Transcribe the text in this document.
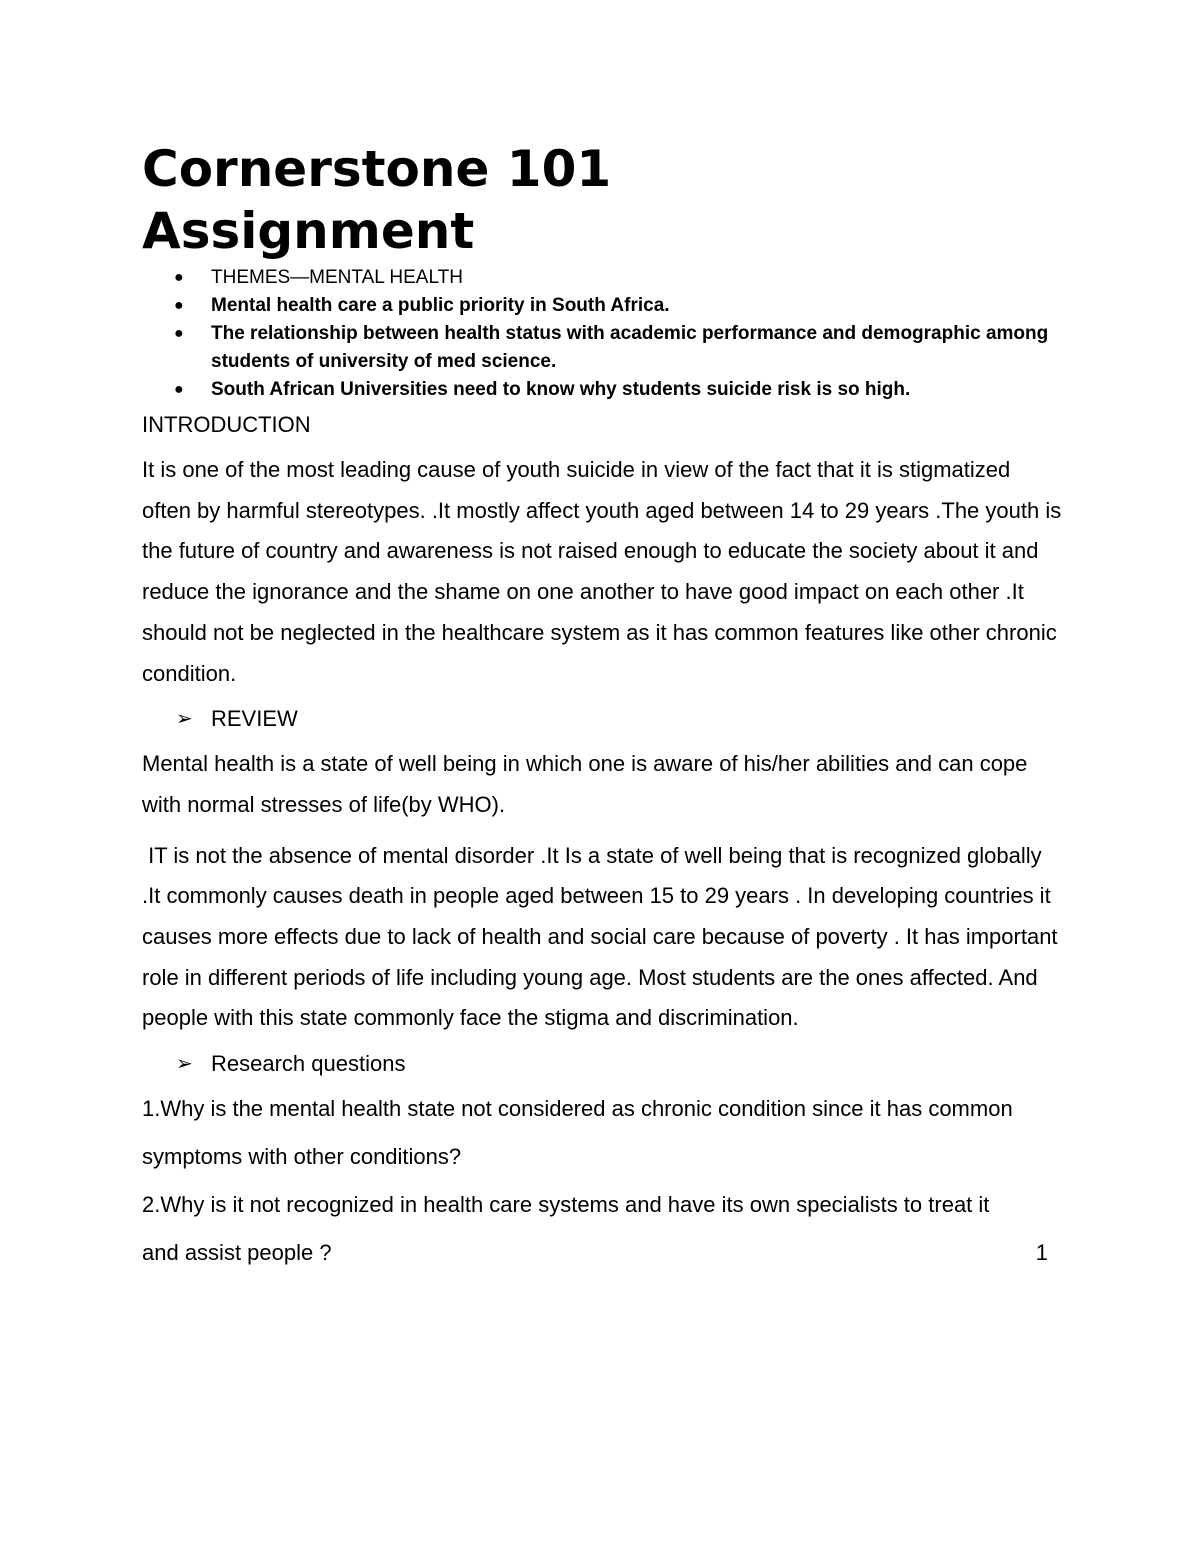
Cornerstone 101
Assignment
● THEMES—MENTAL HEALTH
● Mental health care a public priority in South Africa.
● The relationship between health status with academic performance and demographic among students of university of med science.
● South African Universities need to know why students suicide risk is so high.
INTRODUCTION

It is one of the most leading cause of youth suicide in view of the fact that it is stigmatized often by harmful stereotypes. .It mostly affect youth aged between 14 to 29 years .The youth is the future of country and awareness is not raised enough to educate the society about it and reduce the ignorance and the shame on one another to have good impact on each other .It should not be neglected in the healthcare system as it has common features like other chronic condition.

➢ REVIEW

Mental health is a state of well being in which one is aware of his/her abilities and can cope with normal stresses of life(by WHO).

IT is not the absence of mental disorder .It Is a state of well being that is recognized globally .It commonly causes death in people aged between 15 to 29 years . In developing countries it causes more effects due to lack of health and social care because of poverty . It has important role in different periods of life including young age. Most students are the ones affected. And people with this state commonly face the stigma and discrimination.

➢ Research questions

1.Why is the mental health state not considered as chronic condition since it has common

symptoms with other conditions?

2.Why is it not recognized in health care systems and have its own specialists to treat it

and assist people ?	1
